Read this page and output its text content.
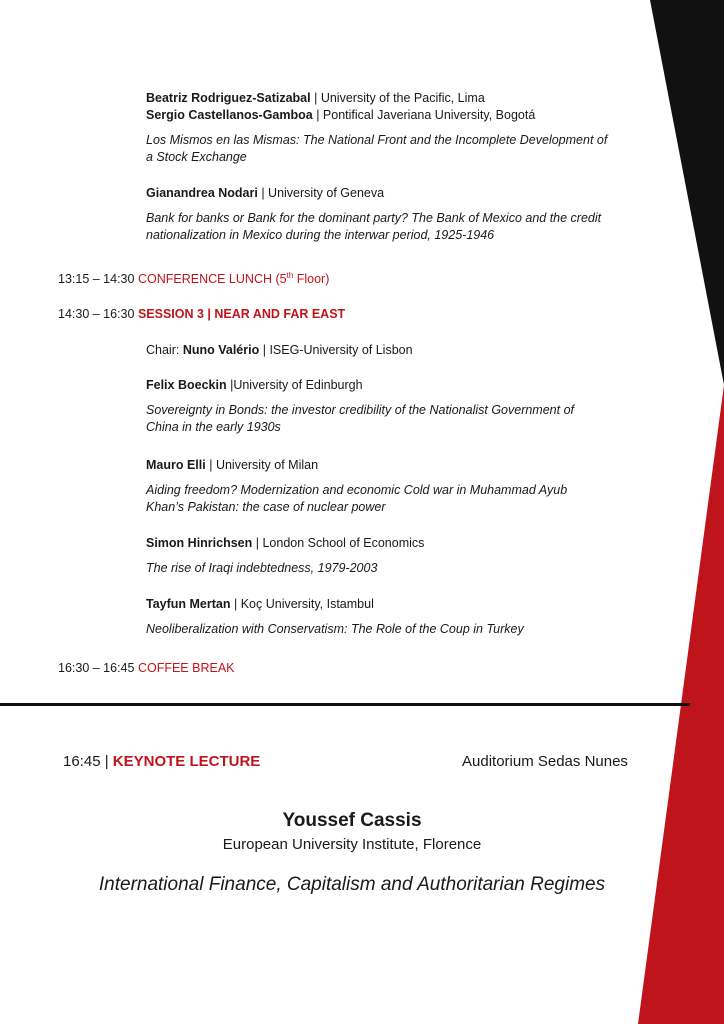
Beatriz Rodriguez-Satizabal | University of the Pacific, Lima

Sergio Castellanos-Gamboa | Pontifical Javeriana University, Bogotá

Los Mismos en las Mismas: The National Front and the Incomplete Development of
a Stock Exchange

Gianandrea Nodari | University of Geneva

Bank for banks or Bank for the dominant party? The Bank of Mexico and the credit
nationalization in Mexico during the interwar period, 1925-1946

13:15 – 14:30 CONFERENCE LUNCH (5th Floor)
14:30 – 16:30 SESSION 3 | NEAR AND FAR EAST
Chair: Nuno Valério | ISEG-University of Lisbon

Felix Boeckin |University of Edinburgh

Sovereignty in Bonds: the investor credibility of the Nationalist Government of
China in the early 1930s

Mauro Elli | University of Milan

Aiding freedom? Modernization and economic Cold war in Muhammad Ayub
Khan’s Pakistan: the case of nuclear power

Simon Hinrichsen | London School of Economics

The rise of Iraqi indebtedness, 1979-2003

Tayfun Mertan | Koç University, Istambul

Neoliberalization with Conservatism: The Role of the Coup in Turkey

16:30 – 16:45 COFFEE BREAK
16:45 | KEYNOTE LECTURE	Auditorium Sedas Nunes
Youssef Cassis
European University Institute, Florence
International Finance, Capitalism and Authoritarian Regimes
